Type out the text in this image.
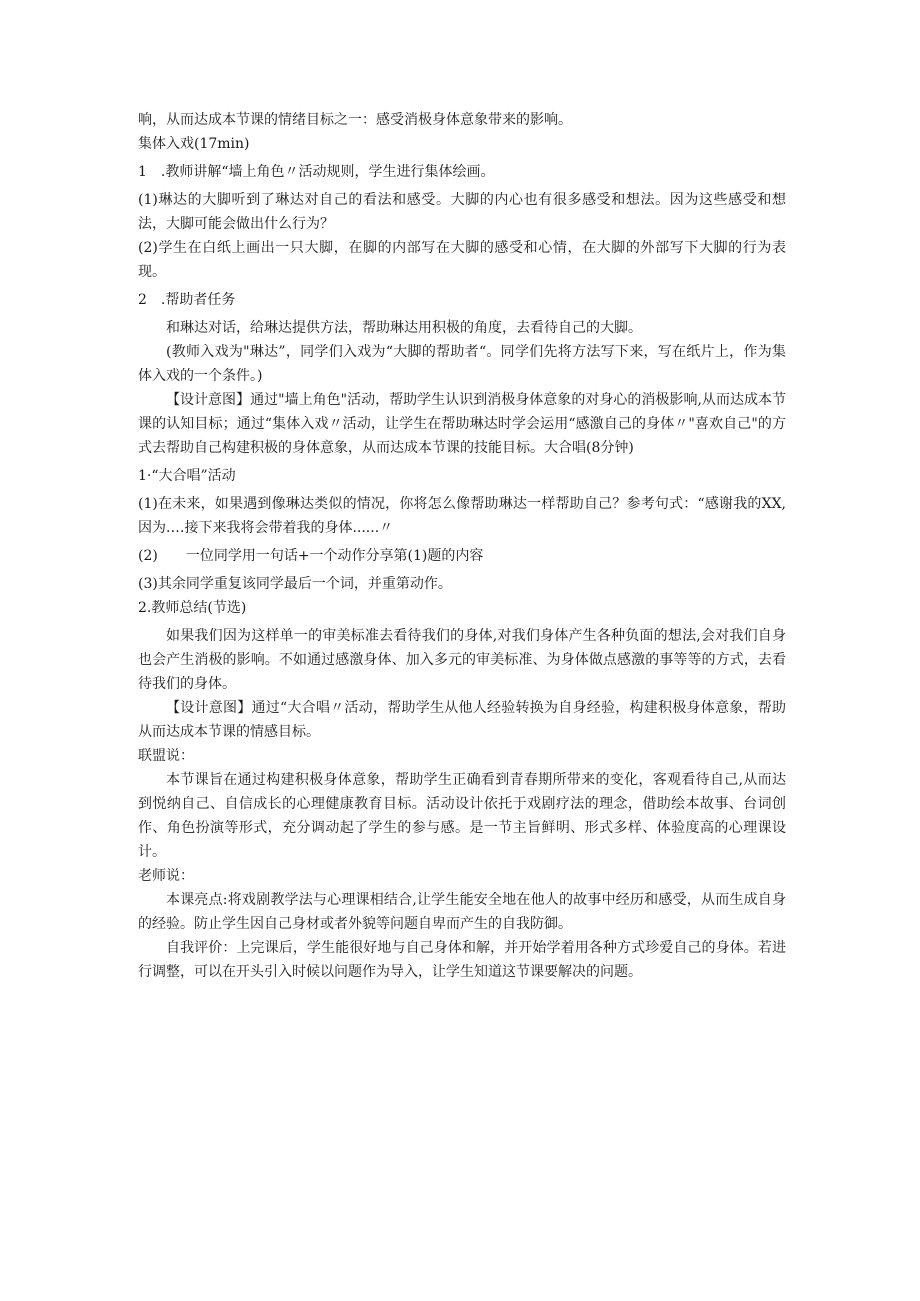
响，从而达成本节课的情绪目标之一：感受消极身体意象带来的影响。

集体入戏(17min)

1　.教师讲解“墙上角色〃活动规则，学生进行集体绘画。

(1)琳达的大脚听到了琳达对自己的看法和感受。大脚的内心也有很多感受和想法。因为这些感受和想法，大脚可能会做出什么行为？

(2)学生在白纸上画出一只大脚，在脚的内部写在大脚的感受和心情，在大脚的外部写下大脚的行为表现。

2　.帮助者任务

和琳达对话，给琳达提供方法，帮助琳达用积极的角度，去看待自己的大脚。

(教师入戏为"琳达”，同学们入戏为“大脚的帮助者“。同学们先将方法写下来，写在纸片上，作为集体入戏的一个条件。)

【设计意图】通过"墙上角色"活动，帮助学生认识到消极身体意象的对身心的消极影响,从而达成本节课的认知目标；通过“集体入戏〃活动，让学生在帮助琳达时学会运用“感激自己的身体〃"喜欢自己"的方式去帮助自己构建积极的身体意象，从而达成本节课的技能目标。大合唱(8分钟)

1·“大合唱”活动

(1)在未来，如果遇到像琳达类似的情况，你将怎么像帮助琳达一样帮助自己？参考句式：“感谢我的XX,因为.…接下来我将会带着我的身体......〃

(2)　　一位同学用一句话+一个动作分享第(1)题的内容

(3)其余同学重复该同学最后一个词，并重第动作。

2.教师总结(节选)

如果我们因为这样单一的审美标准去看待我们的身体,对我们身体产生各种负面的想法,会对我们自身也会产生消极的影响。不如通过感激身体、加入多元的审美标准、为身体做点感激的事等等的方式，去看待我们的身体。

【设计意图】通过“大合唱〃活动，帮助学生从他人经验转换为自身经验，构建积极身体意象，帮助从而达成本节课的情感目标。

联盟说：

本节课旨在通过构建积极身体意象，帮助学生正确看到青春期所带来的变化，客观看待自己,从而达到悦纳自己、自信成长的心理健康教育目标。活动设计依托于戏剧疗法的理念，借助绘本故事、台词创作、角色扮演等形式，充分调动起了学生的参与感。是一节主旨鲜明、形式多样、体验度高的心理课设计。

老师说：

本课亮点:将戏剧教学法与心理课相结合,让学生能安全地在他人的故事中经历和感受，从而生成自身的经验。防止学生因自己身材或者外貌等问题自卑而产生的自我防御。

自我评价：上完课后，学生能很好地与自己身体和解，并开始学着用各种方式珍爱自己的身体。若进行调整，可以在开头引入时候以问题作为导入，让学生知道这节课要解决的问题。
